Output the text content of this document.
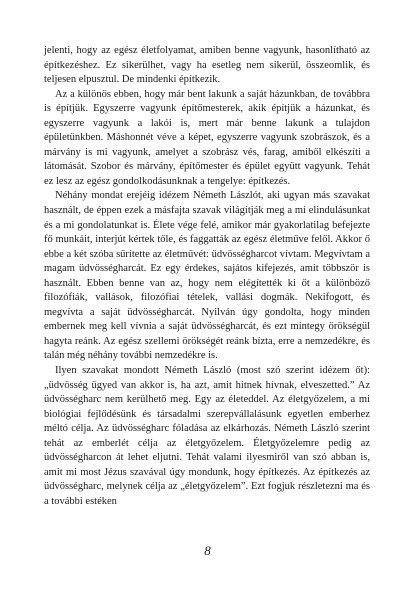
jelenti, hogy az egész életfolyamat, amiben benne vagyunk, hasonlítható az építkezéshez. Ez sikerülhet, vagy ha esetleg nem sikerül, összeomlik, és teljesen elpusztul. De mindenki építkezik.

Az a különös ebben, hogy már bent lakunk a saját házunkban, de továbbra is építjük. Egyszerre vagyunk építőmesterek, akik építjük a házunkat, és egyszerre vagyunk a lakói is, mert már benne lakunk a tulajdon épületünkben. Máshonnét véve a képet, egyszerre vagyunk szobrászok, és a márvány is mi vagyunk, amelyet a szobrász vés, farag, amiből elkészíti a látomását. Szobor és márvány, építőmester és épület együtt vagyunk. Tehát ez lesz az egész gondolkodásunknak a tengelye: építkezés.

Néhány mondat erejéig idézem Németh Lászlót, aki ugyan más szavakat használt, de éppen ezek a másfajta szavak világítják meg a mi elindulásunkat és a mi gondolatunkat is. Élete vége felé, amikor már gyakorlatilag befejezte fő munkáit, interjút kértek tőle, és faggatták az egész életműve felől. Akkor ő ebbe a két szóba sűrítette az életművét: üdvösségharcot vívtam. Megvívtam a magam üdvösségharcát. Ez egy érdekes, sajátos kifejezés, amit többször is használt. Ebben benne van az, hogy nem elégítették ki őt a különböző filozófiák, vallások, filozófiai tételek, vallási dogmák. Nekifogott, és megvívta a saját üdvösségharcát. Nyilván úgy gondolta, hogy minden embernek meg kell vívnia a saját üdvösségharcát, és ezt mintegy örökségül hagyta reánk. Az egész szellemi örökségét reánk bízta, erre a nemzedékre, és talán még néhány további nemzedékre is.

Ilyen szavakat mondott Németh László (most szó szerint idézem őt): „üdvösség ügyed van akkor is, ha azt, amit hitnek hívnak, elveszetted.” Az üdvösségharc nem kerülhető meg. Egy az életeddel. Az életgyőzelem, a mi biológiai fejlődésünk és társadalmi szerepvállalásunk egyetlen emberhez méltó célja. Az üdvösségharc fóladása az elkárhozás. Németh László szerint tehát az emberlét célja az életgyőzelem. Életgyőzelemre pedig az üdvösségharcon át lehet eljutni. Tehát valami ilyesmiről van szó abban is, amit mi most Jézus szavával úgy mondunk, hogy építkezés. Az építkezés az üdvösségharc, melynek célja az „életgyőzelem”. Ezt fogjuk részletezni ma és a további estéken

8
